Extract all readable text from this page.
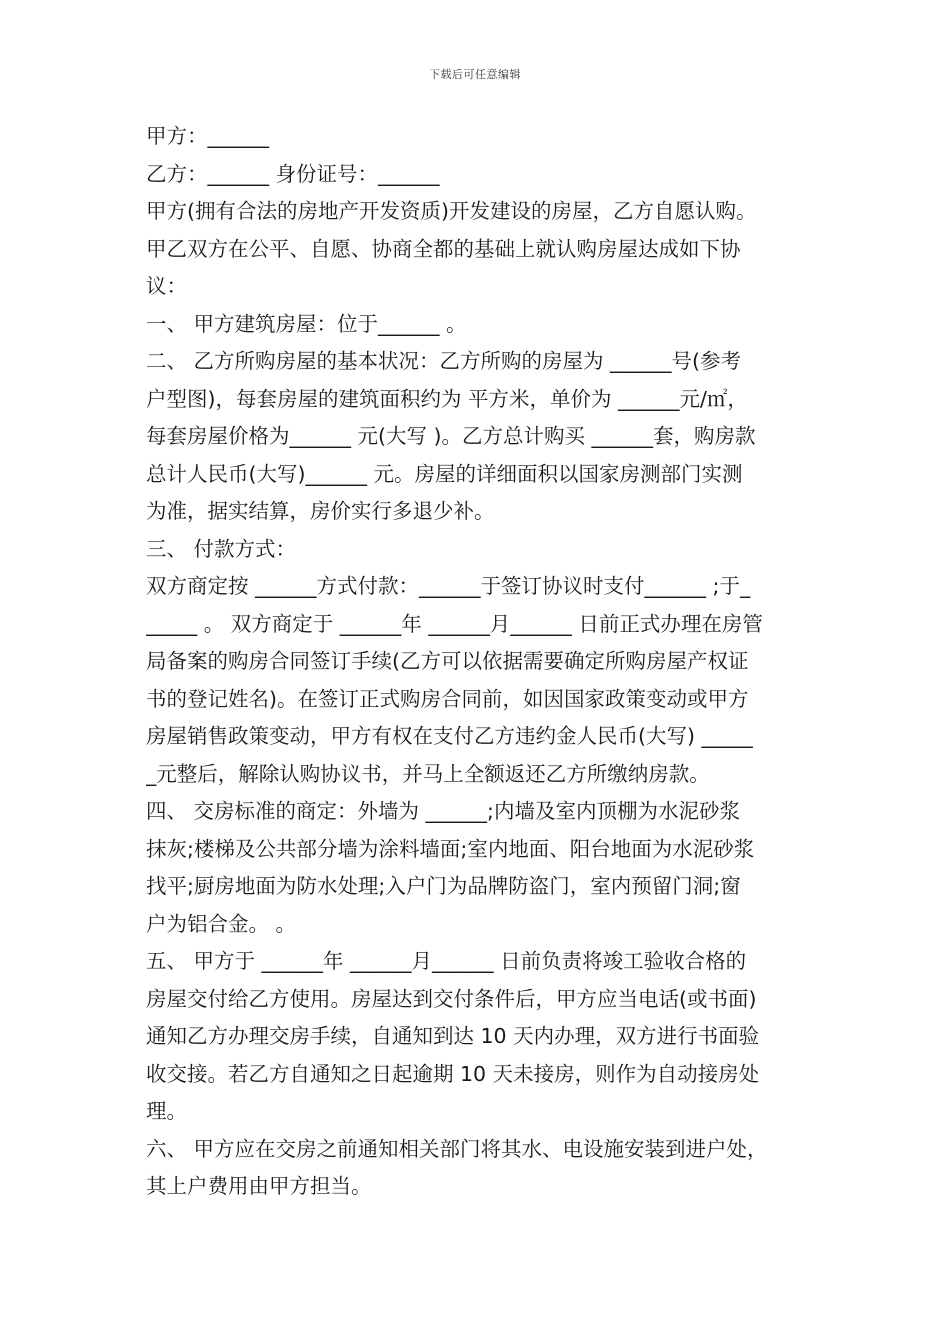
下载后可任意编辑
甲方：______
乙方：______ 身份证号：______
甲方(拥有合法的房地产开发资质)开发建设的房屋，乙方自愿认购。
甲乙双方在公平、自愿、协商全都的基础上就认购房屋达成如下协
议：
一、 甲方建筑房屋：位于______ 。
二、 乙方所购房屋的基本状况：乙方所购的房屋为 ______号(参考
户型图)，每套房屋的建筑面积约为 平方米，单价为 ______元/㎡，
每套房屋价格为______ 元(大写 )。乙方总计购买 ______套，购房款
总计人民币(大写)______ 元。房屋的详细面积以国家房测部门实测
为准，据实结算，房价实行多退少补。
三、 付款方式：
双方商定按 ______方式付款：______于签订协议时支付______ ;于_
_____ 。 双方商定于 ______年 ______月______ 日前正式办理在房管
局备案的购房合同签订手续(乙方可以依据需要确定所购房屋产权证
书的登记姓名)。在签订正式购房合同前，如因国家政策变动或甲方
房屋销售政策变动，甲方有权在支付乙方违约金人民币(大写) _____
_元整后，解除认购协议书，并马上全额返还乙方所缴纳房款。
四、 交房标准的商定：外墙为 ______;内墙及室内顶棚为水泥砂浆
抹灰;楼梯及公共部分墙为涂料墙面;室内地面、阳台地面为水泥砂浆
找平;厨房地面为防水处理;入户门为品牌防盗门，室内预留门洞;窗
户为铝合金。 。
五、 甲方于 ______年 ______月______ 日前负责将竣工验收合格的
房屋交付给乙方使用。房屋达到交付条件后，甲方应当电话(或书面)
通知乙方办理交房手续，自通知到达 10 天内办理，双方进行书面验
收交接。若乙方自通知之日起逾期 10 天未接房，则作为自动接房处
理。
六、 甲方应在交房之前通知相关部门将其水、电设施安装到进户处，
其上户费用由甲方担当。
